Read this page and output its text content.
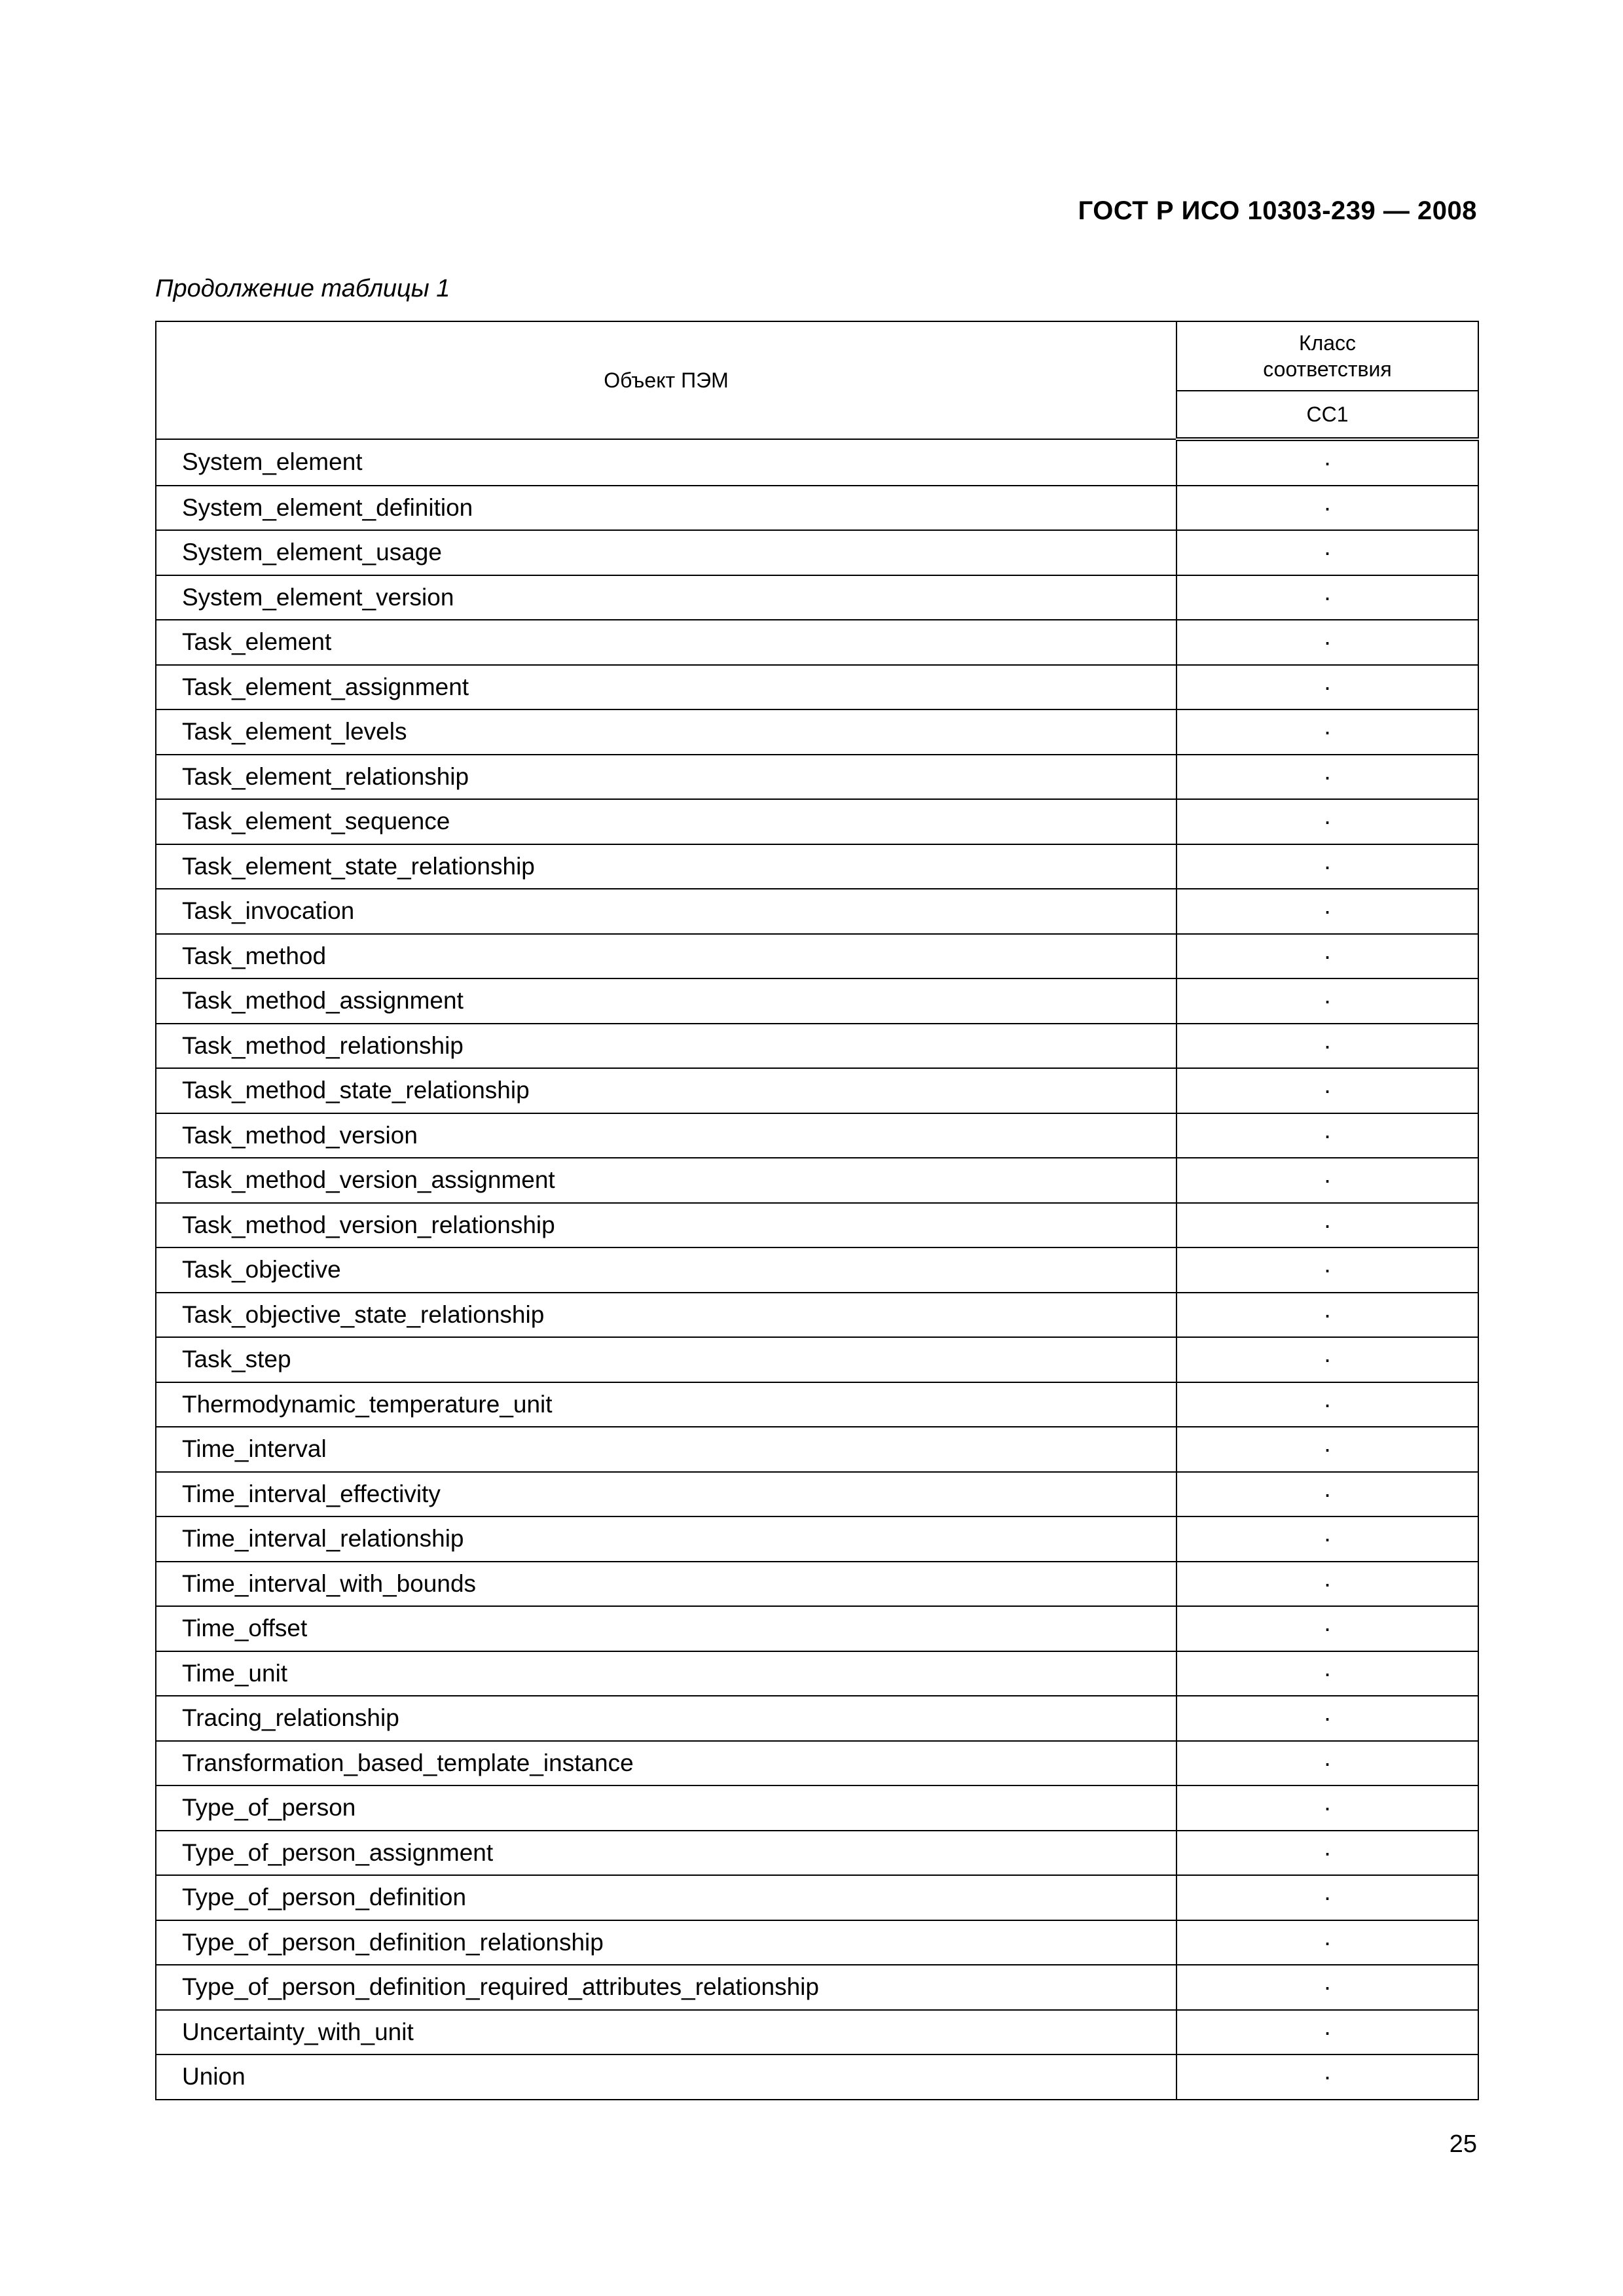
ГОСТ Р ИСО 10303-239 — 2008
Продолжение таблицы 1
Объект ПЭМ	Класс
соответствия
	CC1
System_element	·
System_element_definition	·
System_element_usage	·
System_element_version	·
Task_element	·
Task_element_assignment	·
Task_element_levels	·
Task_element_relationship	·
Task_element_sequence	·
Task_element_state_relationship	·
Task_invocation	·
Task_method	·
Task_method_assignment	·
Task_method_relationship	·
Task_method_state_relationship	·
Task_method_version	·
Task_method_version_assignment	·
Task_method_version_relationship	·
Task_objective	·
Task_objective_state_relationship	·
Task_step	·
Thermodynamic_temperature_unit	·
Time_interval	·
Time_interval_effectivity	·
Time_interval_relationship	·
Time_interval_with_bounds	·
Time_offset	·
Time_unit	·
Tracing_relationship	·
Transformation_based_template_instance	·
Type_of_person	·
Type_of_person_assignment	·
Type_of_person_definition	·
Type_of_person_definition_relationship	·
Type_of_person_definition_required_attributes_relationship	·
Uncertainty_with_unit	·
Union	·
25
